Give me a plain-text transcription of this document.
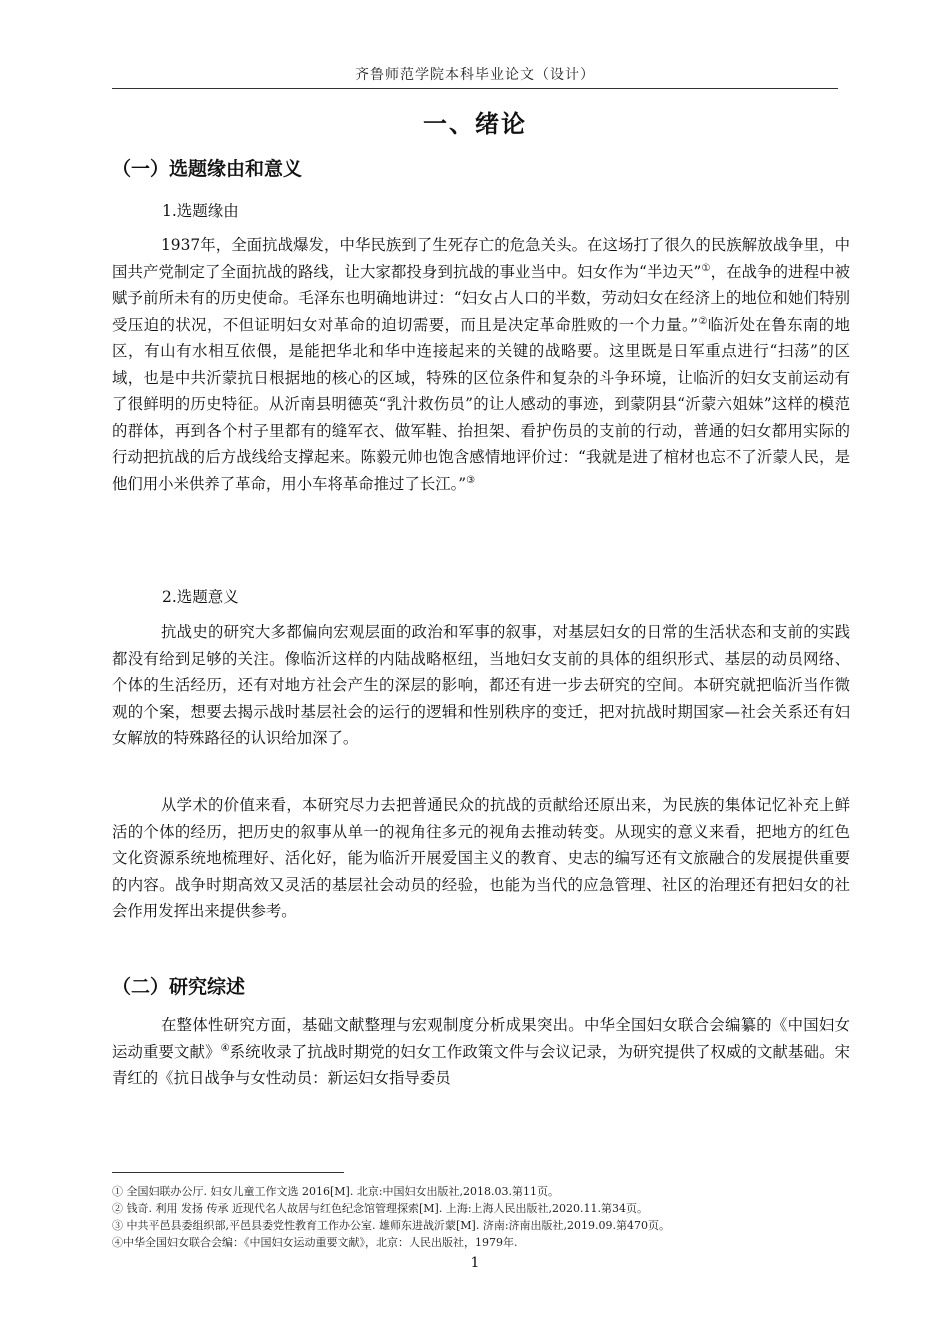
齐鲁师范学院本科毕业论文（设计）
一、绪论
（一）选题缘由和意义
1.选题缘由

1937年，全面抗战爆发，中华民族到了生死存亡的危急关头。在这场打了很久的民族解放战争里，中国共产党制定了全面抗战的路线，让大家都投身到抗战的事业当中。妇女作为“半边天”①，在战争的进程中被赋予前所未有的历史使命。毛泽东也明确地讲过：“妇女占人口的半数，劳动妇女在经济上的地位和她们特别受压迫的状况，不但证明妇女对革命的迫切需要，而且是决定革命胜败的一个力量。”②临沂处在鲁东南的地区，有山有水相互依偎，是能把华北和华中连接起来的关键的战略要。这里既是日军重点进行“扫荡”的区域，也是中共沂蒙抗日根据地的核心的区域，特殊的区位条件和复杂的斗争环境，让临沂的妇女支前运动有了很鲜明的历史特征。从沂南县明德英“乳汁救伤员”的让人感动的事迹，到蒙阴县“沂蒙六姐妹”这样的模范的群体，再到各个村子里都有的缝军衣、做军鞋、抬担架、看护伤员的支前的行动，普通的妇女都用实际的行动把抗战的后方战线给支撑起来。陈毅元帅也饱含感情地评价过：“我就是进了棺材也忘不了沂蒙人民，是他们用小米供养了革命，用小车将革命推过了长江。”③

2.选题意义

抗战史的研究大多都偏向宏观层面的政治和军事的叙事，对基层妇女的日常的生活状态和支前的实践都没有给到足够的关注。像临沂这样的内陆战略枢纽，当地妇女支前的具体的组织形式、基层的动员网络、个体的生活经历，还有对地方社会产生的深层的影响，都还有进一步去研究的空间。本研究就把临沂当作微观的个案，想要去揭示战时基层社会的运行的逻辑和性别秩序的变迁，把对抗战时期国家—社会关系还有妇女解放的特殊路径的认识给加深了。

从学术的价值来看，本研究尽力去把普通民众的抗战的贡献给还原出来，为民族的集体记忆补充上鲜活的个体的经历，把历史的叙事从单一的视角往多元的视角去推动转变。从现实的意义来看，把地方的红色文化资源系统地梳理好、活化好，能为临沂开展爱国主义的教育、史志的编写还有文旅融合的发展提供重要的内容。战争时期高效又灵活的基层社会动员的经验，也能为当代的应急管理、社区的治理还有把妇女的社会作用发挥出来提供参考。

（二）研究综述

在整体性研究方面，基础文献整理与宏观制度分析成果突出。中华全国妇女联合会编纂的《中国妇女运动重要文献》④系统收录了抗战时期党的妇女工作政策文件与会议记录，为研究提供了权威的文献基础。宋青红的《抗日战争与女性动员：新运妇女指导委员

① 全国妇联办公厅. 妇女儿童工作文选 2016[M]. 北京:中国妇女出版社,2018.03.第11页。
② 钱奇. 利用 发扬 传承 近现代名人故居与红色纪念馆管理探索[M]. 上海:上海人民出版社,2020.11.第34页。
③ 中共平邑县委组织部,平邑县委党性教育工作办公室. 雄师东进战沂蒙[M]. 济南:济南出版社,2019.09.第470页。
④中华全国妇女联合会编：《中国妇女运动重要文献》，北京：人民出版社，1979年.
1
